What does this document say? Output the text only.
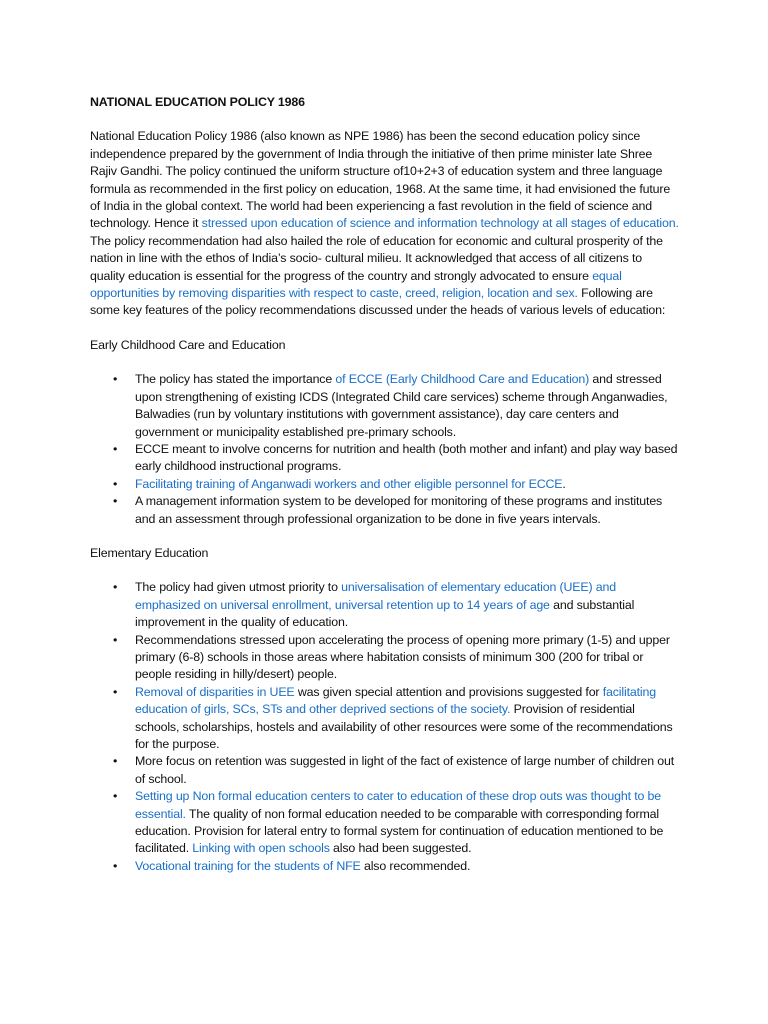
NATIONAL EDUCATION POLICY 1986

National Education Policy 1986 (also known as NPE 1986) has been the second education policy since independence prepared by the government of India through the initiative of then prime minister late Shree Rajiv Gandhi. The policy continued the uniform structure of10+2+3 of education system and three language formula as recommended in the first policy on education, 1968. At the same time, it had envisioned the future of India in the global context. The world had been experiencing a fast revolution in the field of science and technology. Hence it stressed upon education of science and information technology at all stages of education. The policy recommendation had also hailed the role of education for economic and cultural prosperity of the nation in line with the ethos of India’s socio- cultural milieu. It acknowledged that access of all citizens to quality education is essential for the progress of the country and strongly advocated to ensure equal opportunities by removing disparities with respect to caste, creed, religion, location and sex. Following are some key features of the policy recommendations discussed under the heads of various levels of education:

Early Childhood Care and Education

• The policy has stated the importance of ECCE (Early Childhood Care and Education) and stressed upon strengthening of existing ICDS (Integrated Child care services) scheme through Anganwadies, Balwadies (run by voluntary institutions with government assistance), day care centers and government or municipality established pre-primary schools.
• ECCE meant to involve concerns for nutrition and health (both mother and infant) and play way based early childhood instructional programs.
• Facilitating training of Anganwadi workers and other eligible personnel for ECCE.
• A management information system to be developed for monitoring of these programs and institutes and an assessment through professional organization to be done in five years intervals.

Elementary Education

• The policy had given utmost priority to universalisation of elementary education (UEE) and emphasized on universal enrollment, universal retention up to 14 years of age and substantial improvement in the quality of education.
• Recommendations stressed upon accelerating the process of opening more primary (1-5) and upper primary (6-8) schools in those areas where habitation consists of minimum 300 (200 for tribal or people residing in hilly/desert) people.
• Removal of disparities in UEE was given special attention and provisions suggested for facilitating education of girls, SCs, STs and other deprived sections of the society. Provision of residential schools, scholarships, hostels and availability of other resources were some of the recommendations for the purpose.
• More focus on retention was suggested in light of the fact of existence of large number of children out of school.
• Setting up Non formal education centers to cater to education of these drop outs was thought to be essential. The quality of non formal education needed to be comparable with corresponding formal education. Provision for lateral entry to formal system for continuation of education mentioned to be facilitated. Linking with open schools also had been suggested.
• Vocational training for the students of NFE also recommended.
